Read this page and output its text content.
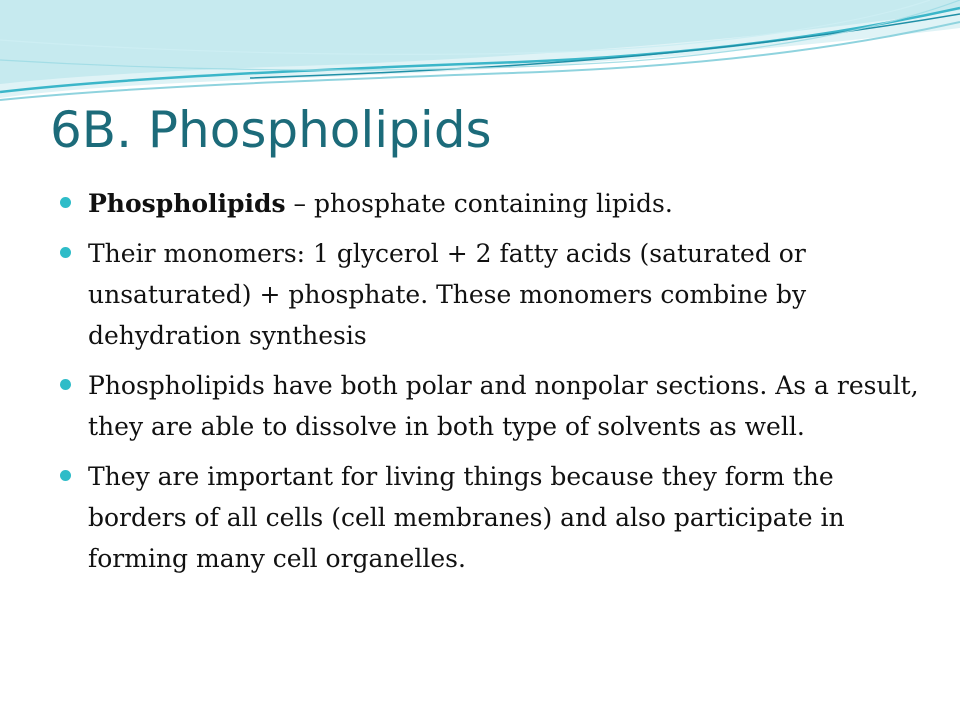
6B. Phospholipids
Phospholipids – phosphate containing lipids.
Their monomers: 1 glycerol + 2 fatty acids (saturated or unsaturated) + phosphate. These monomers combine by dehydration synthesis
Phospholipids have both polar and nonpolar sections. As a result, they are able to dissolve in both type of solvents as well.
They are important for living things because they form the borders of all cells (cell membranes) and also participate in forming many cell organelles.
